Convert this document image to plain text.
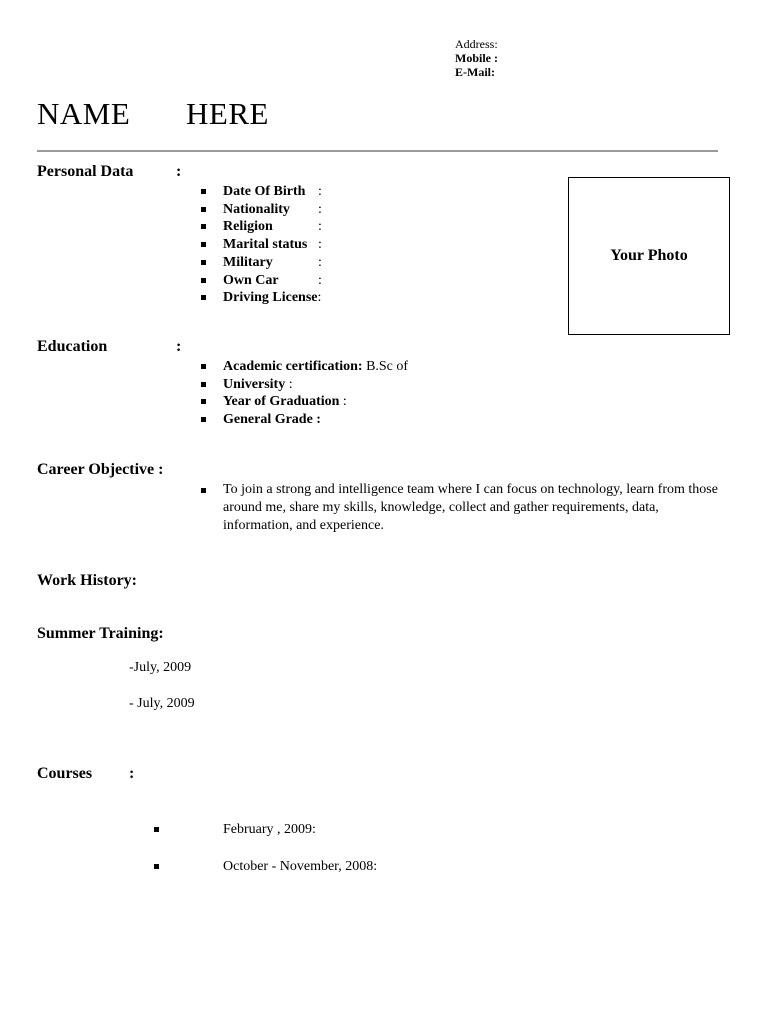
Address:
Mobile :
E-Mail:
NAME HERE
Personal Data	:
Date Of Birth :
Nationality :
Religion	:
Marital status :
Military	:
Own Car	:
Driving License:
Your Photo
Education	:
Academic certification: B.Sc of
University :
Year of Graduation :
General Grade :
Career Objective :
To join a strong and intelligence team where I can focus on technology, learn from those around me, share my skills, knowledge, collect and gather requirements, data, information, and experience.
Work History:
Summer Training:
-July, 2009
- July, 2009
Courses :
February , 2009:
October - November, 2008:
